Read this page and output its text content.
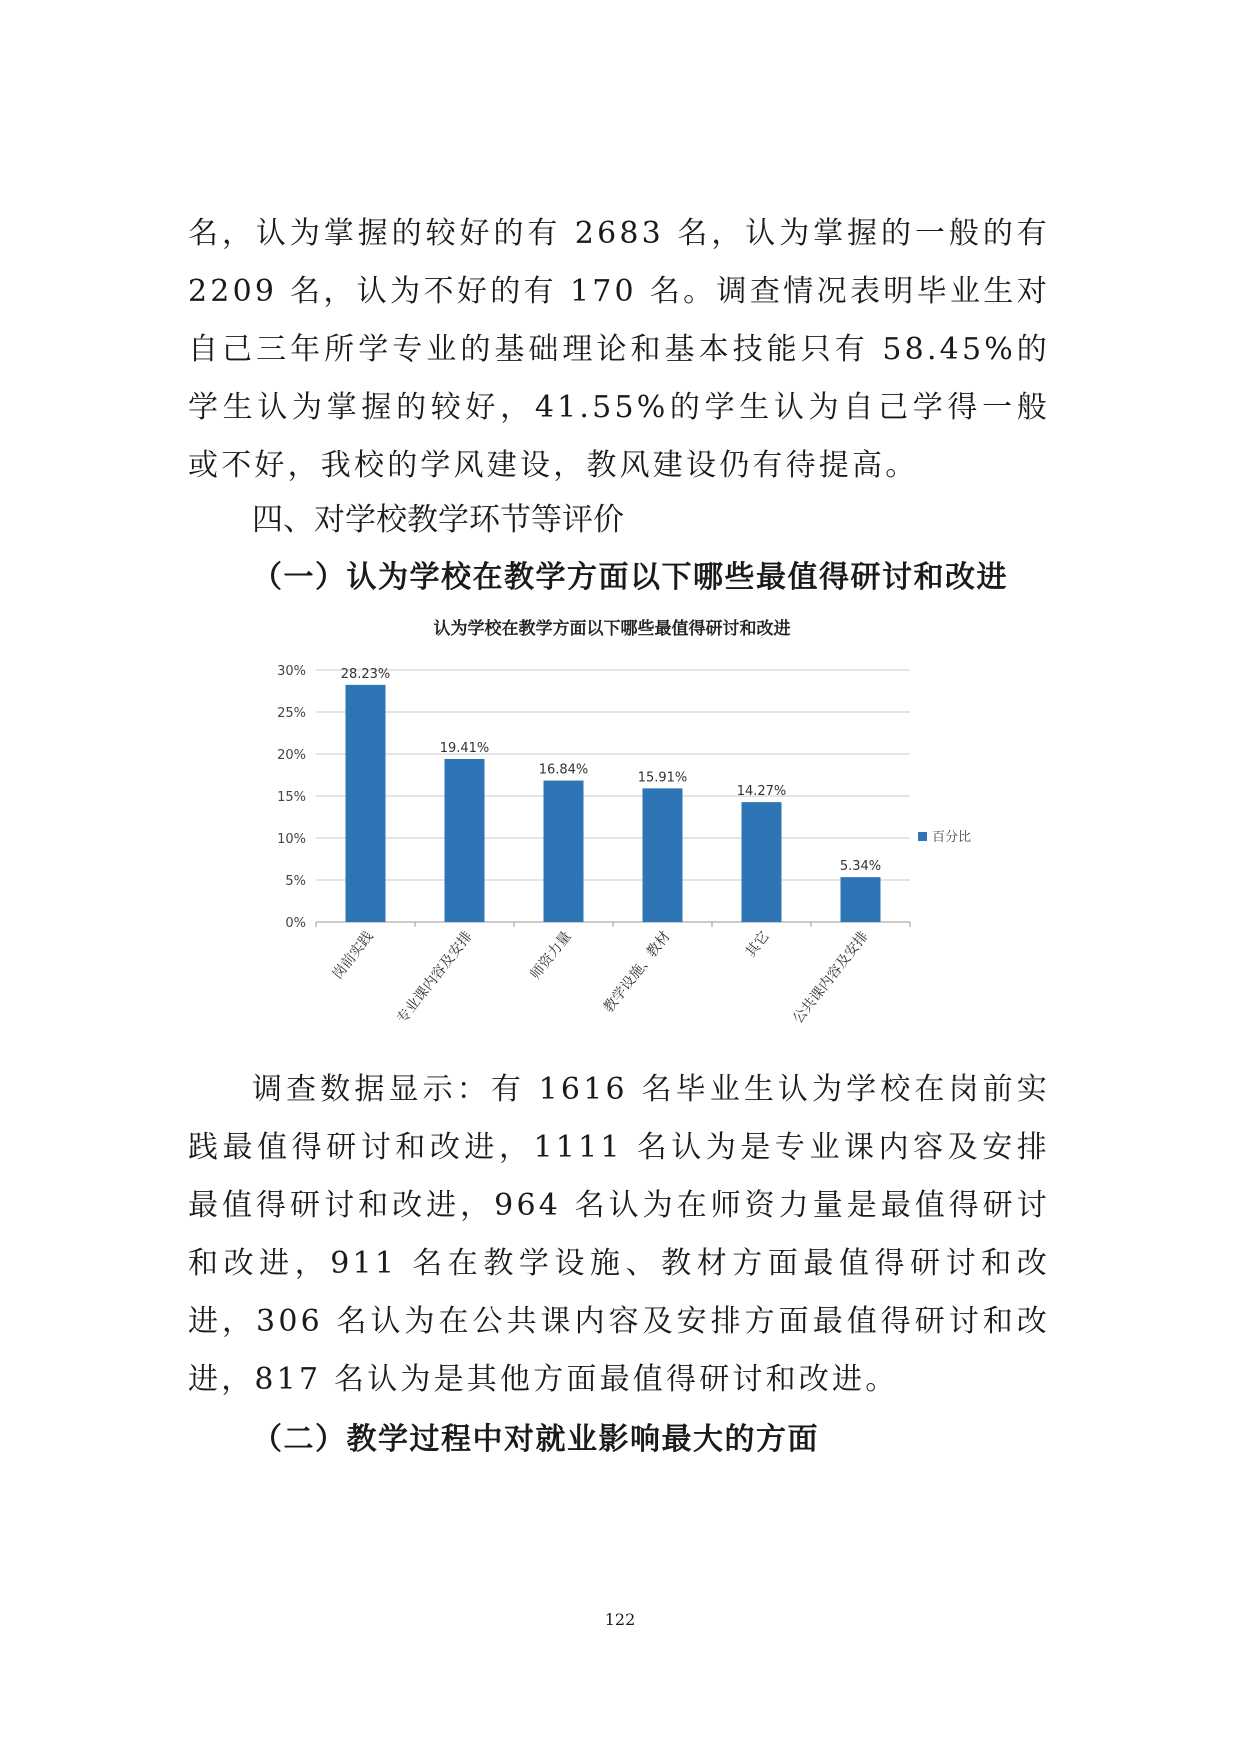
名，认为掌握的较好的有 2683 名，认为掌握的一般的有 2209 名，认为不好的有 170 名。调查情况表明毕业生对自己三年所学专业的基础理论和基本技能只有 58.45%的学生认为掌握的较好，41.55%的学生认为自己学得一般或不好，我校的学风建设，教风建设仍有待提高。

四、对学校教学环节等评价
（一）认为学校在教学方面以下哪些最值得研讨和改进
认为学校在教学方面以下哪些最值得研讨和改进
0%
5%
10%
15%
20%
25%
30%	28.23%
19.41%
16.84%
15.91%
14.27%
5.34%
岗前实践 专业课内容及安排	师资力量 教学设施、教材	其它 公共课内容及安排
百分比

调查数据显示：有 1616 名毕业生认为学校在岗前实践最值得研讨和改进，1111 名认为是专业课内容及安排最值得研讨和改进，964 名认为在师资力量是最值得研讨和改进，911 名在教学设施、教材方面最值得研讨和改进，306 名认为在公共课内容及安排方面最值得研讨和改进，817 名认为是其他方面最值得研讨和改进。

（二）教学过程中对就业影响最大的方面
122
